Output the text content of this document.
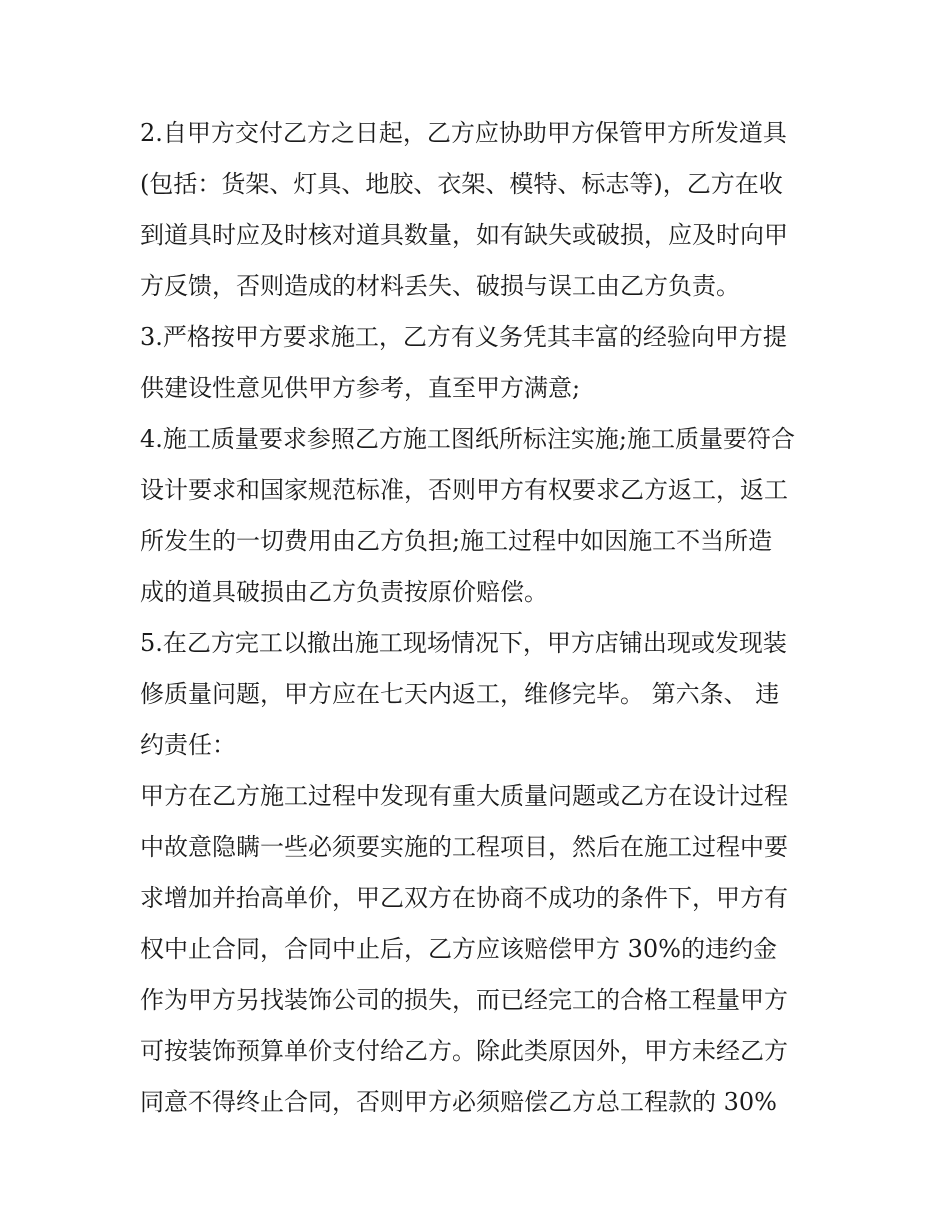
2.自甲方交付乙方之日起，乙方应协助甲方保管甲方所发道具
(包括：货架、灯具、地胶、衣架、模特、标志等)，乙方在收
到道具时应及时核对道具数量，如有缺失或破损，应及时向甲
方反馈，否则造成的材料丢失、破损与误工由乙方负责。
3.严格按甲方要求施工，乙方有义务凭其丰富的经验向甲方提
供建设性意见供甲方参考，直至甲方满意;
4.施工质量要求参照乙方施工图纸所标注实施;施工质量要符合
设计要求和国家规范标准，否则甲方有权要求乙方返工，返工
所发生的一切费用由乙方负担;施工过程中如因施工不当所造
成的道具破损由乙方负责按原价赔偿。
5.在乙方完工以撤出施工现场情况下，甲方店铺出现或发现装
修质量问题，甲方应在七天内返工，维修完毕。 第六条、 违
约责任：
甲方在乙方施工过程中发现有重大质量问题或乙方在设计过程
中故意隐瞒一些必须要实施的工程项目，然后在施工过程中要
求增加并抬高单价，甲乙双方在协商不成功的条件下，甲方有
权中止合同，合同中止后，乙方应该赔偿甲方 30%的违约金
作为甲方另找装饰公司的损失，而已经完工的合格工程量甲方
可按装饰预算单价支付给乙方。除此类原因外，甲方未经乙方
同意不得终止合同，否则甲方必须赔偿乙方总工程款的 30%
